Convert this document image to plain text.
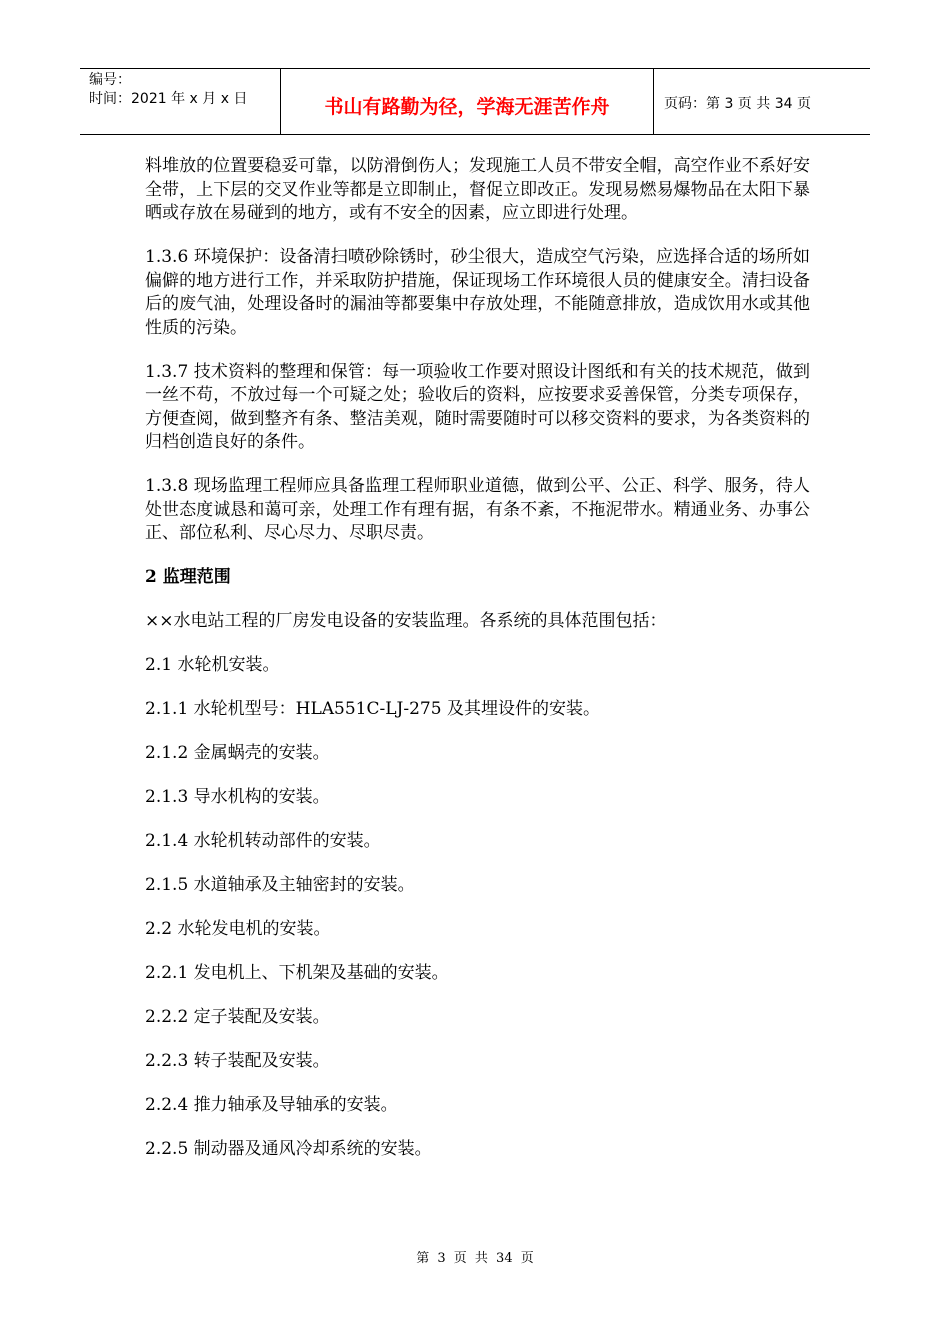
编号：
时间：2021 年 x 月 x 日	书山有路勤为径，学海无涯苦作舟	页码：第 3 页 共 34 页

料堆放的位置要稳妥可靠，以防滑倒伤人；发现施工人员不带安全帽，高空作业不系好安全带，上下层的交叉作业等都是立即制止，督促立即改正。发现易燃易爆物品在太阳下暴晒或存放在易碰到的地方，或有不安全的因素，应立即进行处理。

1.3.6 环境保护：设备清扫喷砂除锈时，砂尘很大，造成空气污染，应选择合适的场所如偏僻的地方进行工作，并采取防护措施，保证现场工作环境很人员的健康安全。清扫设备后的废气油，处理设备时的漏油等都要集中存放处理，不能随意排放，造成饮用水或其他性质的污染。

1.3.7 技术资料的整理和保管：每一项验收工作要对照设计图纸和有关的技术规范，做到一丝不苟，不放过每一个可疑之处；验收后的资料，应按要求妥善保管，分类专项保存，方便查阅，做到整齐有条、整洁美观，随时需要随时可以移交资料的要求，为各类资料的归档创造良好的条件。

1.3.8 现场监理工程师应具备监理工程师职业道德，做到公平、公正、科学、服务，待人处世态度诚恳和蔼可亲，处理工作有理有据，有条不紊，不拖泥带水。精通业务、办事公正、部位私利、尽心尽力、尽职尽责。

2 监理范围

××水电站工程的厂房发电设备的安装监理。各系统的具体范围包括：

2.1 水轮机安装。

2.1.1 水轮机型号：HLA551C-LJ-275 及其埋设件的安装。

2.1.2 金属蜗壳的安装。

2.1.3 导水机构的安装。

2.1.4 水轮机转动部件的安装。

2.1.5 水道轴承及主轴密封的安装。

2.2 水轮发电机的安装。

2.2.1 发电机上、下机架及基础的安装。

2.2.2 定子装配及安装。

2.2.3 转子装配及安装。

2.2.4 推力轴承及导轴承的安装。

2.2.5 制动器及通风冷却系统的安装。

第 3 页 共 34 页
